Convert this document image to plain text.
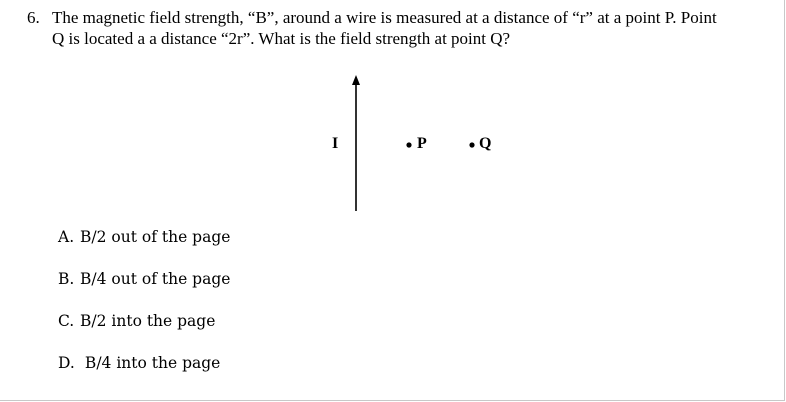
6. The magnetic field strength, “B”, around a wire is measured at a distance of “r” at a point P. Point
Q is located a a distance “2r”. What is the field strength at point Q?
I	P	Q
A. B/2 out of the page
B. B/4 out of the page
C. B/2 into the page
D. B/4 into the page
